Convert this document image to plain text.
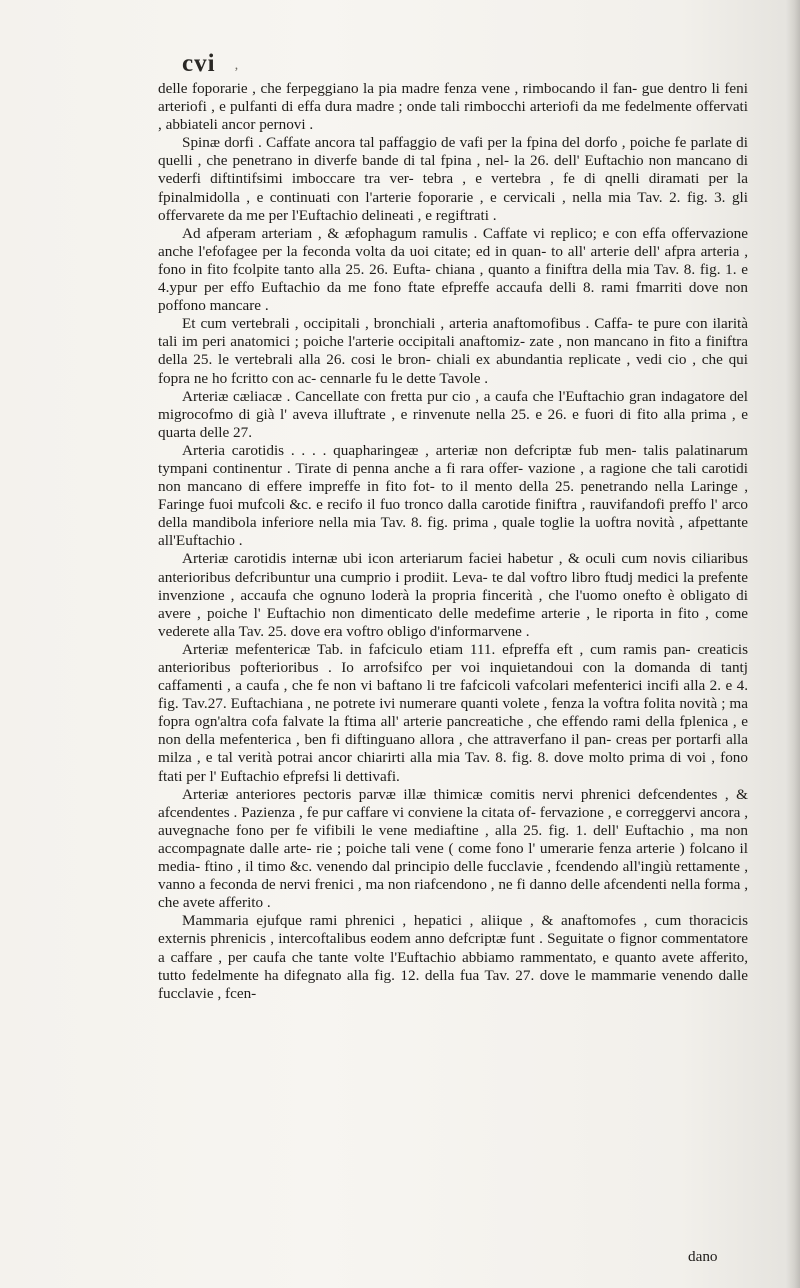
cvi ‚

delle foporarie , che ferpeggiano la pia madre fenza vene , rimbocando il fan- gue dentro li feni arteriofi , e pulfanti di effa dura madre ; onde tali rimbocchi arteriofi da me fedelmente offervati , abbiateli ancor pernovi .

Spinæ dorfi . Caffate ancora tal paffaggio de vafi per la fpina del dorfo , poiche fe parlate di quelli , che penetrano in diverfe bande di tal fpina , nel- la 26. dell' Euftachio non mancano di vederfi diftintifsimi imboccare tra ver- tebra , e vertebra , fe di qnelli diramati per la fpinalmidolla , e continuati con l'arterie foporarie , e cervicali , nella mia Tav. 2. fig. 3. gli offervarete da me per l'Euftachio delineati , e regiftrati .

Ad afperam arteriam , & æfophagum ramulis . Caffate vi replico; e con effa offervazione anche l'efofagee per la feconda volta da uoi citate; ed in quan- to all' arterie dell' afpra arteria , fono in fito fcolpite tanto alla 25. 26. Eufta- chiana , quanto a finiftra della mia Tav. 8. fig. 1. e 4.ypur per effo Euftachio da me fono ftate efpreffe accaufa delli 8. rami fmarriti dove non poffono mancare .

Et cum vertebrali , occipitali , bronchiali , arteria anaftomofibus . Caffa- te pure con ilarità tali im peri anatomici ; poiche l'arterie occipitali anaftomiz- zate , non mancano in fito a finiftra della 25. le vertebrali alla 26. cosi le bron- chiali ex abundantia replicate , vedi cio , che qui fopra ne ho fcritto con ac- cennarle fu le dette Tavole .

Arteriæ cæliacæ . Cancellate con fretta pur cio , a caufa che l'Euftachio gran indagatore del migrocofmo di già l' aveva illuftrate , e rinvenute nella 25. e 26. e fuori di fito alla prima , e quarta delle 27.

Arteria carotidis . . . . quapharingeæ , arteriæ non defcriptæ fub men- talis palatinarum tympani continentur . Tirate di penna anche a fi rara offer- vazione , a ragione che tali carotidi non mancano di effere impreffe in fito fot- to il mento della 25. penetrando nella Laringe , Faringe fuoi mufcoli &c. e recifo il fuo tronco dalla carotide finiftra , rauvifandofi preffo l' arco della mandibola inferiore nella mia Tav. 8. fig. prima , quale toglie la uoftra novità , afpettante all'Euftachio .

Arteriæ carotidis internæ ubi icon arteriarum faciei habetur , & oculi cum novis ciliaribus anterioribus defcribuntur una cumprio i prodiit. Leva- te dal voftro libro ftudj medici la prefente invenzione , accaufa che ognuno loderà la propria fincerità , che l'uomo onefto è obligato di avere , poiche l' Euftachio non dimenticato delle medefime arterie , le riporta in fito , come vederete alla Tav. 25. dove era voftro obligo d'informarvene .

Arteriæ mefentericæ Tab. in fafciculo etiam 111. efpreffa eft , cum ramis pan- creaticis anterioribus pofterioribus . Io arrofsifco per voi inquietandoui con la domanda di tantj caffamenti , a caufa , che fe non vi baftano li tre fafcicoli vafcolari mefenterici incifi alla 2. e 4. fig. Tav.27. Euftachiana , ne potrete ivi numerare quanti volete , fenza la voftra folita novità ; ma fopra ogn'altra cofa falvate la ftima all' arterie pancreatiche , che effendo rami della fplenica , e non della mefenterica , ben fi diftinguano allora , che attraverfano il pan- creas per portarfi alla milza , e tal verità potrai ancor chiarirti alla mia Tav. 8. fig. 8. dove molto prima di voi , fono ftati per l' Euftachio efprefsi li dettivafi.

Arteriæ anteriores pectoris parvæ illæ thimicæ comitis nervi phrenici defcendentes , & afcendentes . Pazienza , fe pur caffare vi conviene la citata of- fervazione , e correggervi ancora , auvegnache fono per fe vifibili le vene mediaftine , alla 25. fig. 1. dell' Euftachio , ma non accompagnate dalle arte- rie ; poiche tali vene ( come fono l' umerarie fenza arterie ) folcano il media- ftino , il timo &c. venendo dal principio delle fucclavie , fcendendo all'ingiù rettamente , vanno a feconda de nervi frenici , ma non riafcendono , ne fi danno delle afcendenti nella forma , che avete afferito .

Mammaria ejufque rami phrenici , hepatici , aliique , & anaftomofes , cum thoracicis externis phrenicis , intercoftalibus eodem anno defcriptæ funt . Seguitate o fignor commentatore a caffare , per caufa che tante volte l'Euftachio abbiamo rammentato, e quanto avete afferito, tutto fedelmente ha difegnato alla fig. 12. della fua Tav. 27. dove le mammarie venendo dalle fucclavie , fcen-

dano
